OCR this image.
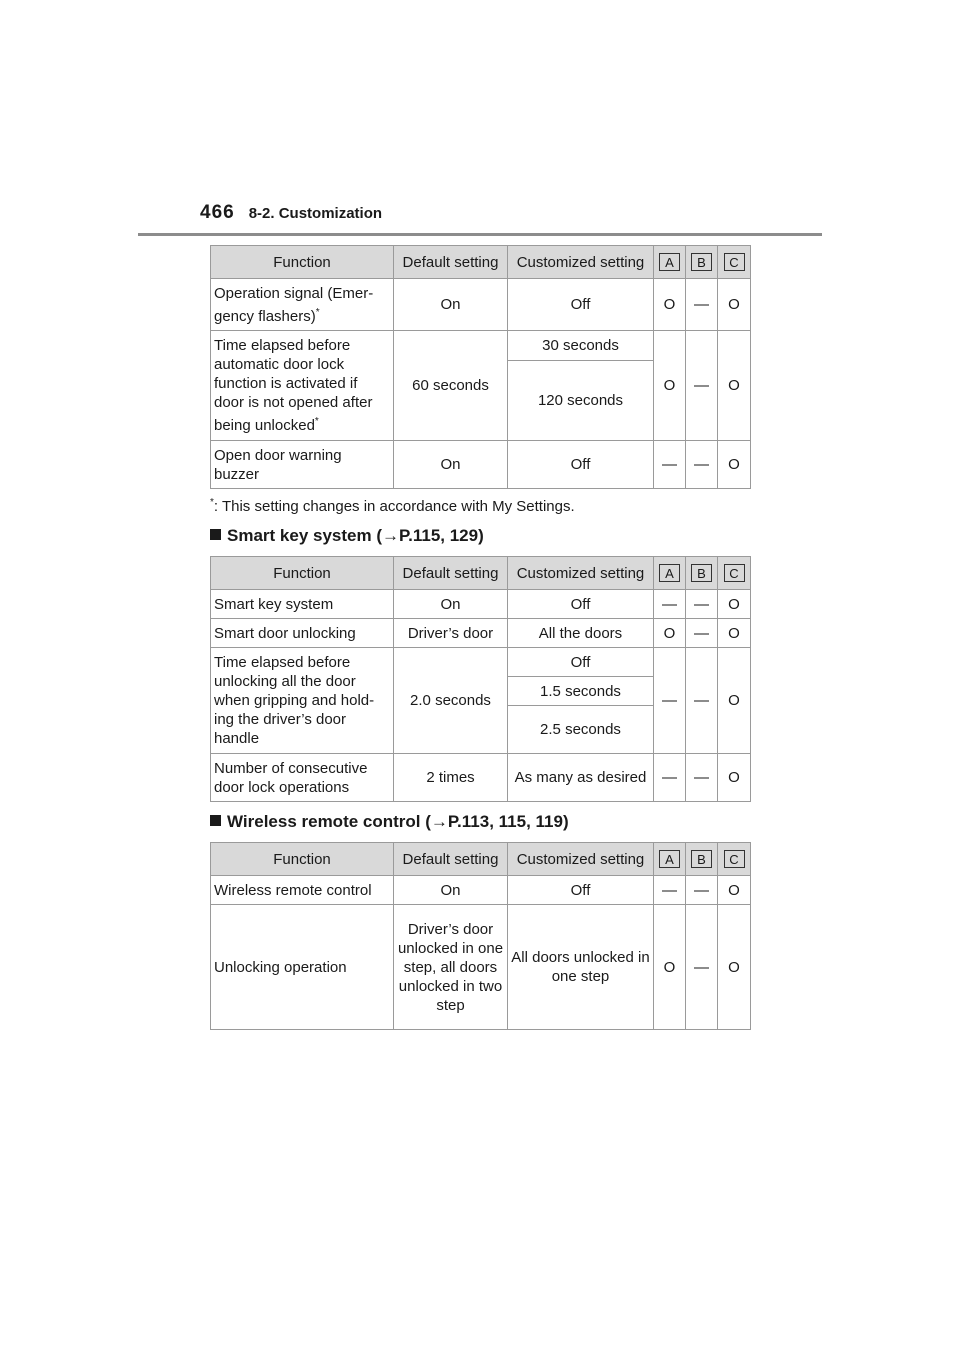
466 8-2. Customization
Function	Default setting	Customized setting	A	B	C

Operation signal (Emer-gency flashers)*	On	Off	O	—	O
Time elapsed before automatic door lock function is activated if door is not opened after being unlocked*	60 seconds	30 seconds	O	—	O
		120 seconds			
Open door warning buzzer	On	Off	—	—	O
*: This setting changes in accordance with My Settings.
Smart key system (→P.115, 129)
Function	Default setting	Customized setting	A	B	C

Smart key system	On	Off	—	—	O
Smart door unlocking	Driver’s door	All the doors	O	—	O
Time elapsed before unlocking all the door when gripping and hold-ing the driver’s door handle	2.0 seconds	Off	—	—	O
		1.5 seconds			
		2.5 seconds			
Number of consecutive door lock operations	2 times	As many as desired	—	—	O
Wireless remote control (→P.113, 115, 119)
Function	Default setting	Customized setting	A	B	C

Wireless remote control	On	Off	—	—	O
Unlocking operation	Driver’s door unlocked in one step, all doors unlocked in two step	All doors unlocked in one step	O	—	O
